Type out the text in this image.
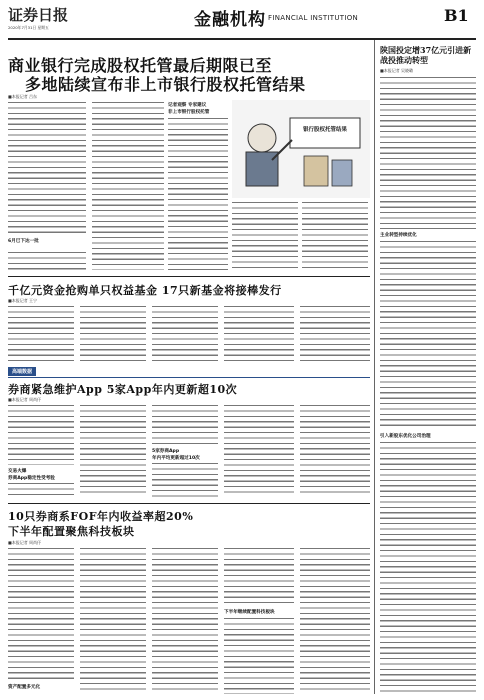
证券日报
2020年7月31日 星期五	金融机构 FINANCIAL INSTITUTION	B1
商业银行完成股权托管最后期限已至
多地陆续宣布非上市银行股权托管结果
■本报记者 吕东
6月已下达一批
记者观察 专家建议
非上市银行股权托管
银行股权托管结果
陕国投定增37亿元引进新战投推动转型
■本报记者 吴晓璐
主业转型持续优化
引入新股东优化公司治理
千亿元资金抢购单只权益基金 17只新基金将接棒发行
■本报记者 王宁
高端数据
券商紧急维护App 5家App年内更新超10次
■本报记者 周尚伃
交易火爆
券商App稳定性受考验
5家券商App
年内平均更新超过10次
10只券商系FOF年内收益率超20%
下半年配置聚焦科技板块
■本报记者 周尚伃
资产配置多元化
下半年继续配置科技板块
